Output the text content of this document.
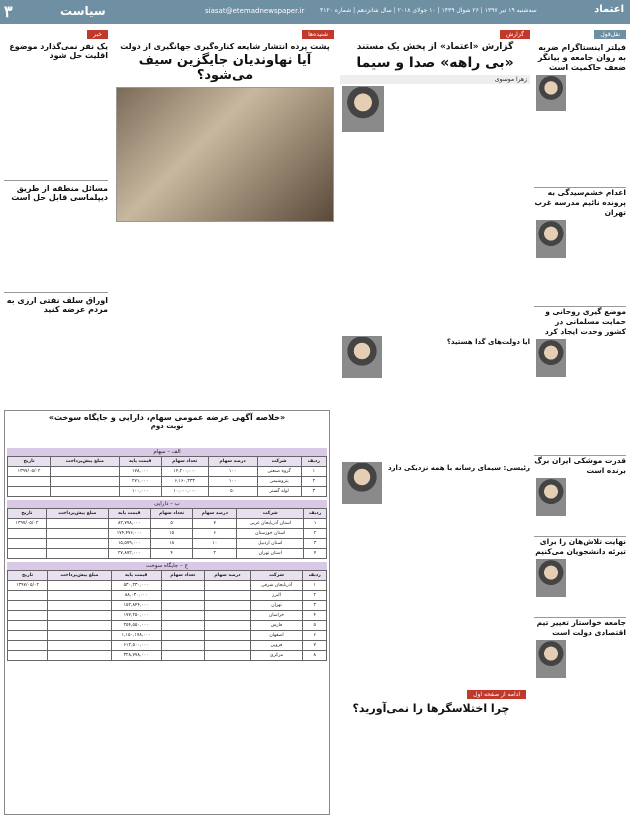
۳	سیاست	siasat@etemadnewspaper.ir	سه‌شنبه ۱۹ تیر ۱۳۹۷ | ۲۶ شوال ۱۴۳۹ | ۱۰ جولای ۲۰۱۸ | سال شانزدهم | شماره ۴۱۲۰	اعتماد
نقل‌قول
فیلتر اینستاگرام ضربه به روان جامعه و بیانگر ضعف حاکمیت است
اعدام خشم‌سیدگی به پرونده نائیم مدرسه غرب تهران
موضع گیری روحانی و حمایت مسلمانی در کشور وحدت ایجاد کرد
قدرت موشکی ایران برگ برنده است
نهایت تلاش‌هان را برای تبرئه دانشجویان می‌کنیم
جامعه خواستار تغییر تیم اقتصادی دولت است
گزارش
گزارش «اعتماد» از پخش یک مستند
«بی راهه» صدا و سیما
زهرا موسوی
ایا دولت‌های گدا هستید؟
رئیسی: سیمای رسانه با همه نزدیکی دارد
شنیده‌ها
پشت پرده انتشار شایعه کناره‌گیری جهانگیری از دولت
آیا نهاوندیان جایگزین سیف می‌شود؟
خبر
یک نفر نمی‌گذارد موضوع اقلیت حل شود
مسائل منطقه از طریق دیپلماسی قابل حل است
اوراق سلف نفتی ارزی به مردم عرضه کنید
«خلاصه آگهی عرضه عمومی سهام، دارایی و جایگاه سوخت»
نوبت دوم
الف – سهام
ردیف	شرکت	درصد سهام	تعداد سهام	قیمت پایه	مبلغ پیش‌پرداخت	تاریخ
۱	گروه صنعتی	۱۰۰	۱۴,۲۰۰,۰۰۰	۱۷۸,۰۰۰		۱۳۹۷/۰۵/۰۲
۲	پتروشیمی	۱۰۰	۶,۱۶۰,۳۳۳	۲۷۱,۰۰۰		
۳	لوله گستر	۵۰	۱۰,۰۰۰,۰۰۰	۱۰۰,۰۰۰		
ب – دارایی
ردیف	شرکت	درصد سهام	تعداد سهام	قیمت پایه	مبلغ پیش‌پرداخت	تاریخ
۱	استان آذربایجان غربی	۷	۵	۸۲,۷۷۸,۰۰۰		۱۳۹۷/۰۵/۰۲
۲	استان خوزستان	۶	۱۵	۱۷۴,۴۷۶,۰۰۰		
۳	استان اردبیل	۱۰	۱۸	۱۵,۵۷۹,۰۰۰		
۴	استان تهران	۲	۴	۲۷,۸۷۲,۰۰۰		
ج – جایگاه سوخت
ردیف	شرکت	درصد سهام	تعداد سهام	قیمت پایه	مبلغ پیش‌پرداخت	تاریخ
۱	آذربایجان شرقی			۵۳۰,۲۳۰,۰۰۰		۱۳۹۷/۰۵/۰۲
۲	البرز			۸۸,۰۳۰,۰۰۰		
۳	تهران			۱۵۲,۸۴۴,۰۰۰		
۴	خراسان			۱۷۷,۲۵۰,۰۰۰		
۵	فارس			۲۵۴,۵۵۰,۰۰۰		
۶	اصفهان			۱,۱۵۰,۱۷۸,۰۰۰		
۷	قزوین			۶۱۲,۵۰۰,۰۰۰		
۸	مرکزی			۳۲۸,۷۷۸,۰۰۰		
ادامه از صفحه اول
چرا اختلاسگرها را نمی‌آورید؟
